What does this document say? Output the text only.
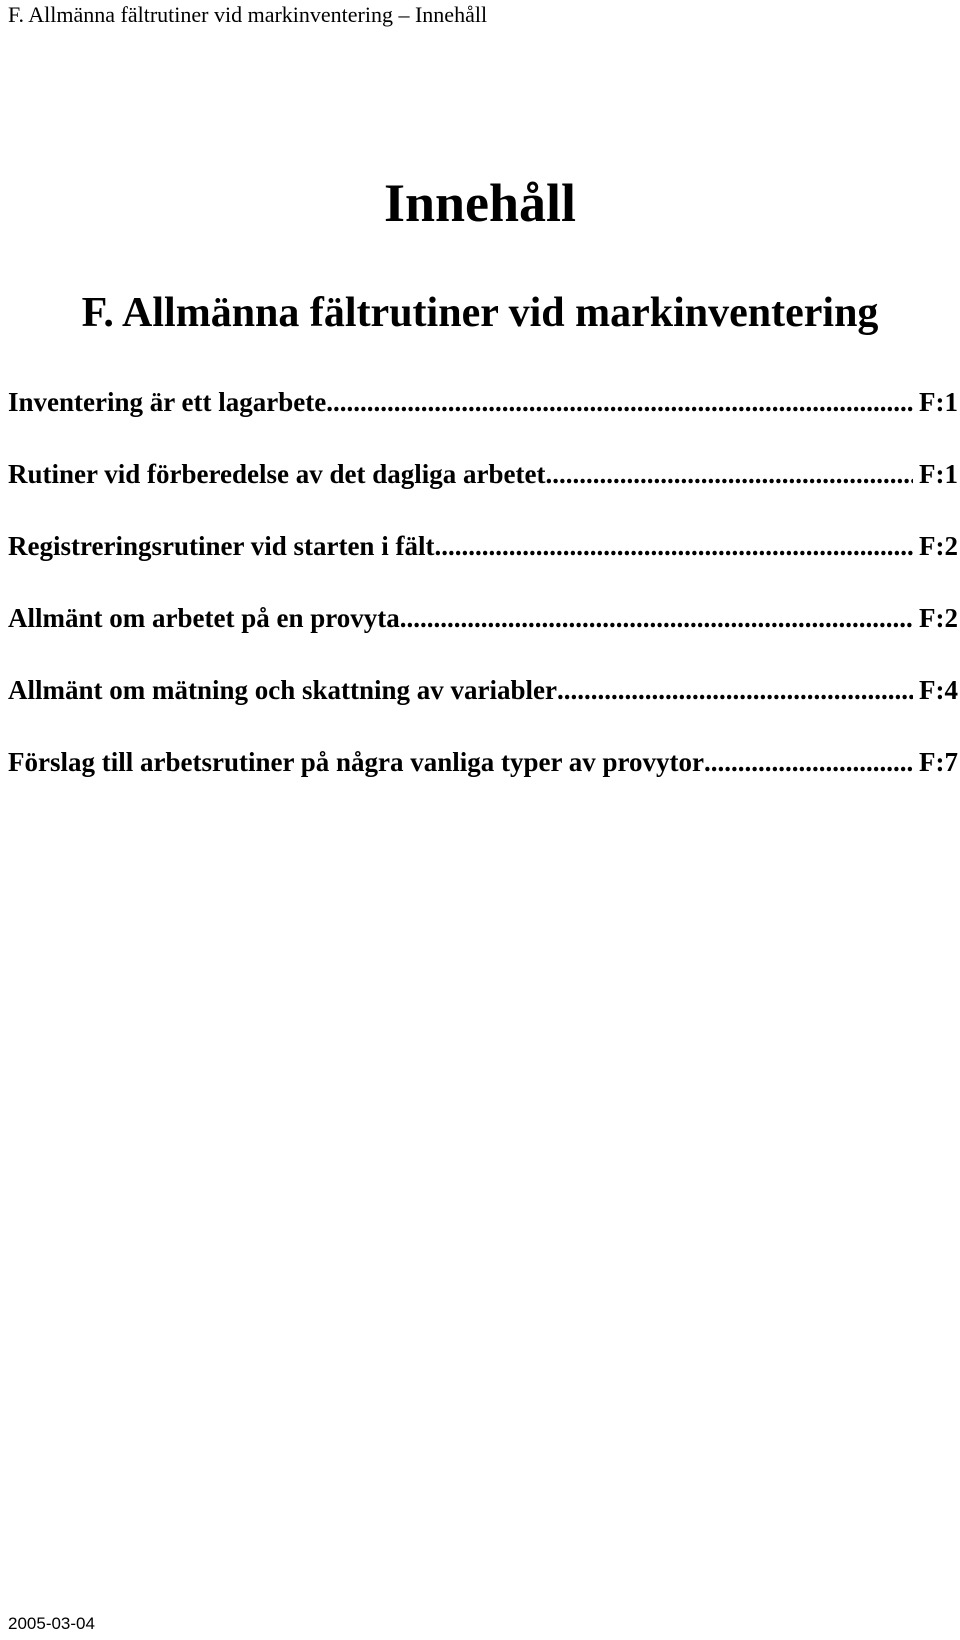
F. Allmänna fältrutiner vid markinventering – Innehåll
Innehåll
F. Allmänna fältrutiner vid markinventering
Inventering är ett lagarbete .....	F:1
Rutiner vid förberedelse av det dagliga arbetet .....	F:1
Registreringsrutiner vid starten i fält .....	F:2
Allmänt om arbetet på en provyta .....	F:2
Allmänt om mätning och skattning av variabler .....	F:4
Förslag till arbetsrutiner på några vanliga typer av provytor .....	F:7
2005-03-04
